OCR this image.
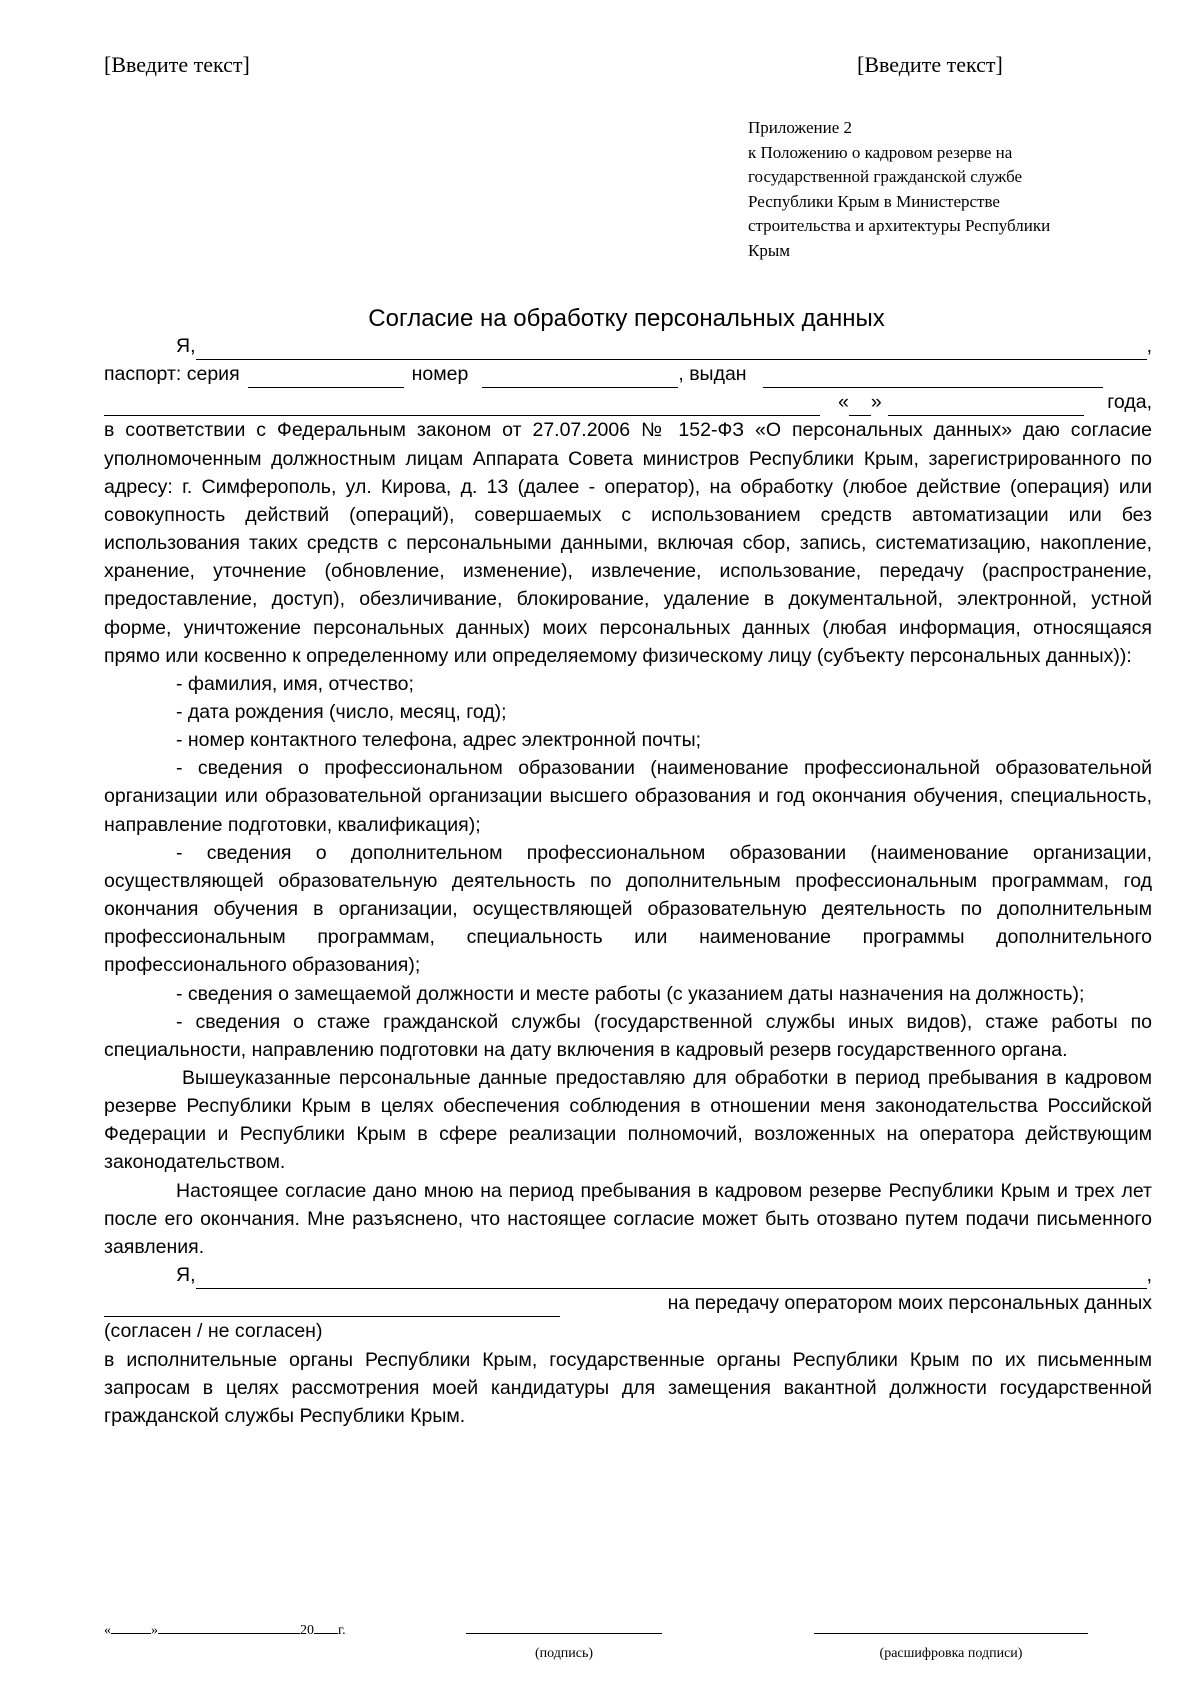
[Введите текст]	[Введите текст]
Приложение 2
к Положению о кадровом резерве на
государственной гражданской службе
Республики Крым в Министерстве
строительства и архитектуры Республики
Крым
Согласие на обработку персональных данных
Я,	,
паспорт: серия	номер	, выдан
« »	года,

в соответствии с Федеральным законом от 27.07.2006 № 152-ФЗ «О персональных данных» даю согласие уполномоченным должностным лицам Аппарата Совета министров Республики Крым, зарегистрированного по адресу: г. Симферополь, ул. Кирова, д. 13 (далее - оператор), на обработку (любое действие (операция) или совокупность действий (операций), совершаемых с использованием средств автоматизации или без использования таких средств с персональными данными, включая сбор, запись, систематизацию, накопление, хранение, уточнение (обновление, изменение), извлечение, использование, передачу (распространение, предоставление, доступ), обезличивание, блокирование, удаление в документальной, электронной, устной форме, уничтожение персональных данных) моих персональных данных (любая информация, относящаяся прямо или косвенно к определенному или определяемому физическому лицу (субъекту персональных данных)):

- фамилия, имя, отчество;

- дата рождения (число, месяц, год);

- номер контактного телефона, адрес электронной почты;

- сведения о профессиональном образовании (наименование профессиональной образовательной организации или образовательной организации высшего образования и год окончания обучения, специальность, направление подготовки, квалификация);

- сведения о дополнительном профессиональном образовании (наименование организации, осуществляющей образовательную деятельность по дополнительным профессиональным программам, год окончания обучения в организации, осуществляющей образовательную деятельность по дополнительным профессиональным программам, специальность или наименование программы дополнительного профессионального образования);

- сведения о замещаемой должности и месте работы (с указанием даты назначения на должность);

- сведения о стаже гражданской службы (государственной службы иных видов), стаже работы по специальности, направлению подготовки на дату включения в кадровый резерв государственного органа.

Вышеуказанные персональные данные предоставляю для обработки в период пребывания в кадровом резерве Республики Крым в целях обеспечения соблюдения в отношении меня законодательства Российской Федерации и Республики Крым в сфере реализации полномочий, возложенных на оператора действующим законодательством.

Настоящее согласие дано мною на период пребывания в кадровом резерве Республики Крым и трех лет после его окончания. Мне разъяснено, что настоящее согласие может быть отозвано путем подачи письменного заявления.

Я,	,
на передачу оператором моих персональных данных
(согласен / не согласен)

в исполнительные органы Республики Крым, государственные органы Республики Крым по их письменным запросам в целях рассмотрения моей кандидатуры для замещения вакантной должности государственной гражданской службы Республики Крым.

«	»	20 г.
(подпись)	(расшифровка подписи)
